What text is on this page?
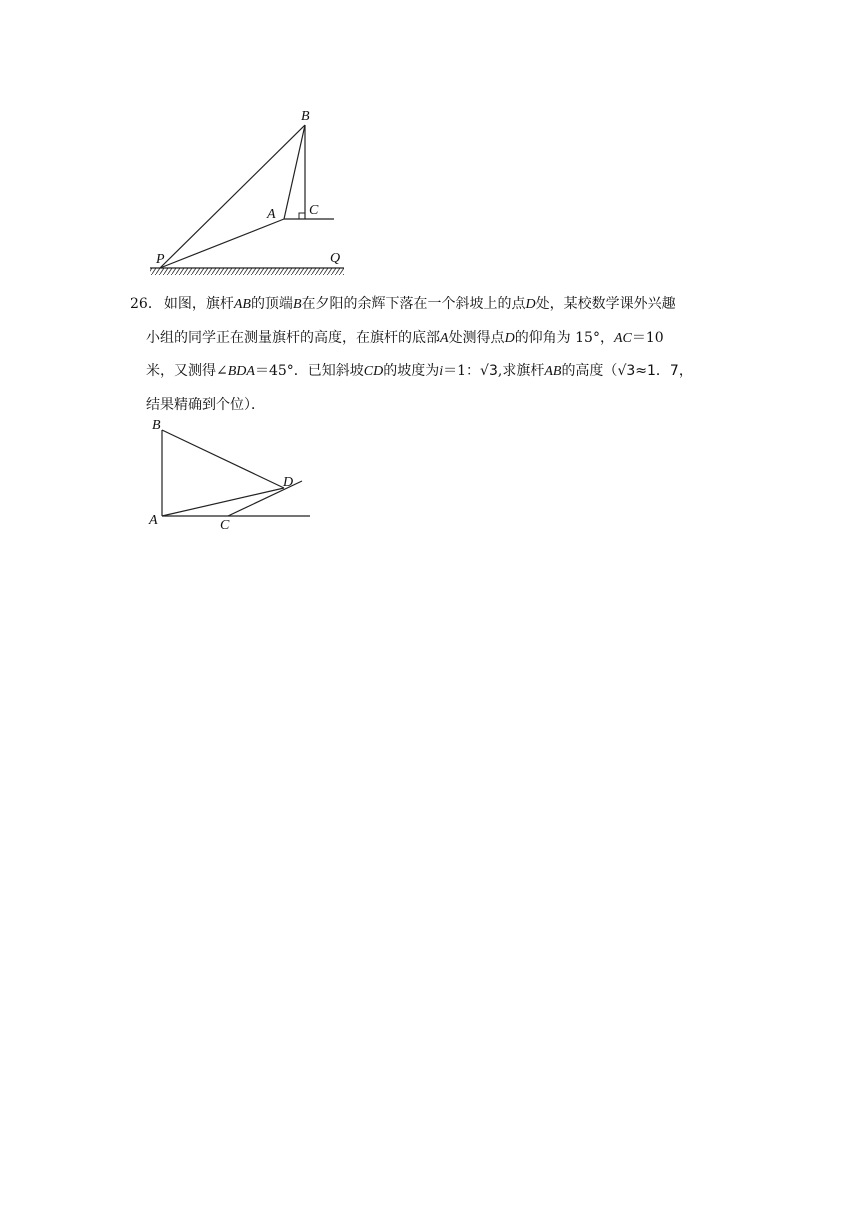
B
A C
P	Q
26． 如图，旗杆AB的顶端B在夕阳的余辉下落在一个斜坡上的点D处，某校数学课外兴趣
小组的同学正在测量旗杆的高度，在旗杆的底部A处测得点D的仰角为 15°，AC＝10
米，又测得∠BDA＝45°．已知斜坡CD的坡度为i＝1：√3,求旗杆AB的高度（√3≈1．7，
结果精确到个位）．
B
D
A	C
